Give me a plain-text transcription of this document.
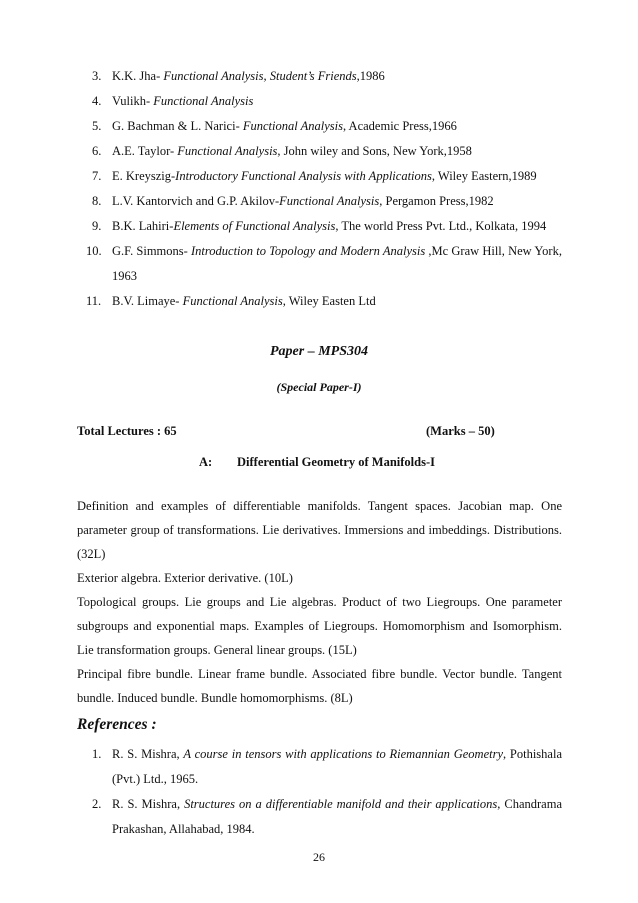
3. K.K. Jha- Functional Analysis, Student’s Friends,1986
4. Vulikh- Functional Analysis
5. G. Bachman & L. Narici- Functional Analysis, Academic Press,1966
6. A.E. Taylor- Functional Analysis, John wiley and Sons, New York,1958
7. E. Kreyszig-Introductory Functional Analysis with Applications, Wiley Eastern,1989
8. L.V. Kantorvich and G.P. Akilov-Functional Analysis, Pergamon Press,1982
9. B.K. Lahiri-Elements of Functional Analysis, The world Press Pvt. Ltd., Kolkata, 1994
10. G.F. Simmons- Introduction to Topology and Modern Analysis ,Mc Graw Hill, New York, 1963
11. B.V. Limaye- Functional Analysis, Wiley Easten Ltd
Paper – MPS304
(Special Paper-I)
Total Lectures : 65	(Marks – 50)
A: Differential Geometry of Manifolds-I

Definition and examples of differentiable manifolds. Tangent spaces. Jacobian map. One parameter group of transformations. Lie derivatives. Immersions and imbeddings. Distributions. (32L)

Exterior algebra. Exterior derivative. (10L)

Topological groups. Lie groups and Lie algebras. Product of two Liegroups. One parameter subgroups and exponential maps. Examples of Liegroups. Homomorphism and Isomorphism. Lie transformation groups. General linear groups. (15L)

Principal fibre bundle. Linear frame bundle. Associated fibre bundle. Vector bundle. Tangent bundle. Induced bundle. Bundle homomorphisms. (8L)

References :
1. R. S. Mishra, A course in tensors with applications to Riemannian Geometry, Pothishala (Pvt.) Ltd., 1965.
2. R. S. Mishra, Structures on a differentiable manifold and their applications, Chandrama Prakashan, Allahabad, 1984.
26
